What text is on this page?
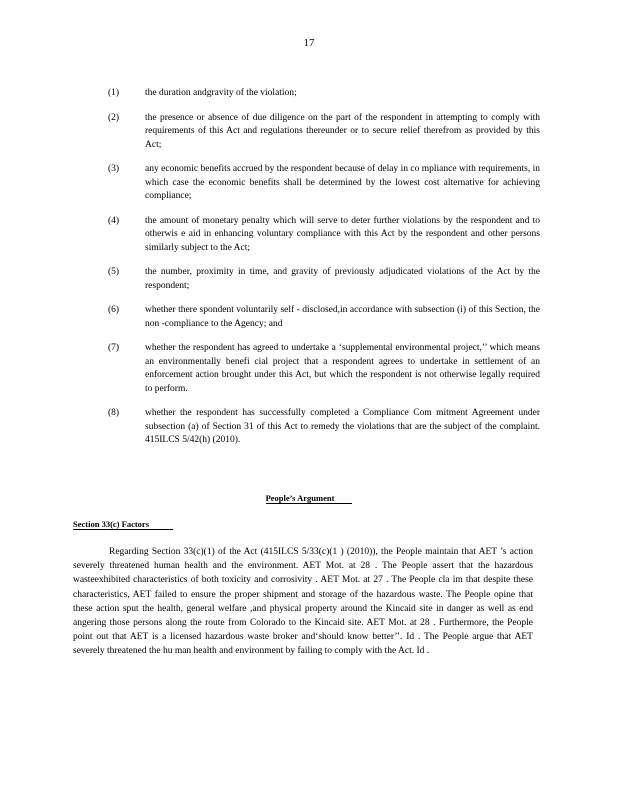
17
(1)	the duration andgravity of the violation;
(2)	the presence or absence of due diligence on the part of the respondent in attempting to comply with requirements of this Act and regulations thereunder or to secure relief therefrom as provided by this Act;
(3)	any economic benefits accrued by the respondent because of delay in co mpliance with requirements, in which case the economic benefits shall be determined by the lowest cost alternative for achieving compliance;
(4)	the amount of monetary penalty which will serve to deter further violations by the respondent and to otherwis e aid in enhancing voluntary compliance with this Act by the respondent and other persons similarly subject to the Act;
(5)	the number, proximity in time, and gravity of previously adjudicated violations of the Act by the respondent;
(6)	whether there spondent voluntarily self - disclosed,in accordance with subsection (i) of this Section, the non -compliance to the Agency; and
(7)	whether the respondent has agreed to undertake a ‘supplemental environmental project,’’ which means an environmentally benefi cial project that a respondent agrees to undertake in settlement of an enforcement action brought under this Act, but which the respondent is not otherwise legally required to perform.
(8)	whether the respondent has successfully completed a Compliance Com mitment Agreement under subsection (a) of Section 31 of this Act to remedy the violations that are the subject of the complaint. 415ILCS 5/42(h) (2010).
People’s Argument
Section 33(c) Factors

Regarding Section 33(c)(1) of the Act (415ILCS 5/33(c)(1 ) (2010)), the People maintain that AET ’s action severely threatened human health and the environment. AET Mot. at 28 . The People assert that the hazardous wasteexhibited characteristics of both toxicity and corrosivity . AET Mot. at 27 . The People cla im that despite these characteristics, AET failed to ensure the proper shipment and storage of the hazardous waste. The People opine that these action sput the health, general welfare ,and physical property around the Kincaid site in danger as well as end angering those persons along the route from Colorado to the Kincaid site. AET Mot. at 28 . Furthermore, the People point out that AET is a licensed hazardous waste broker and‘should know better’’. Id . The People argue that AET severely threatened the hu man health and environment by failing to comply with the Act. Id .
